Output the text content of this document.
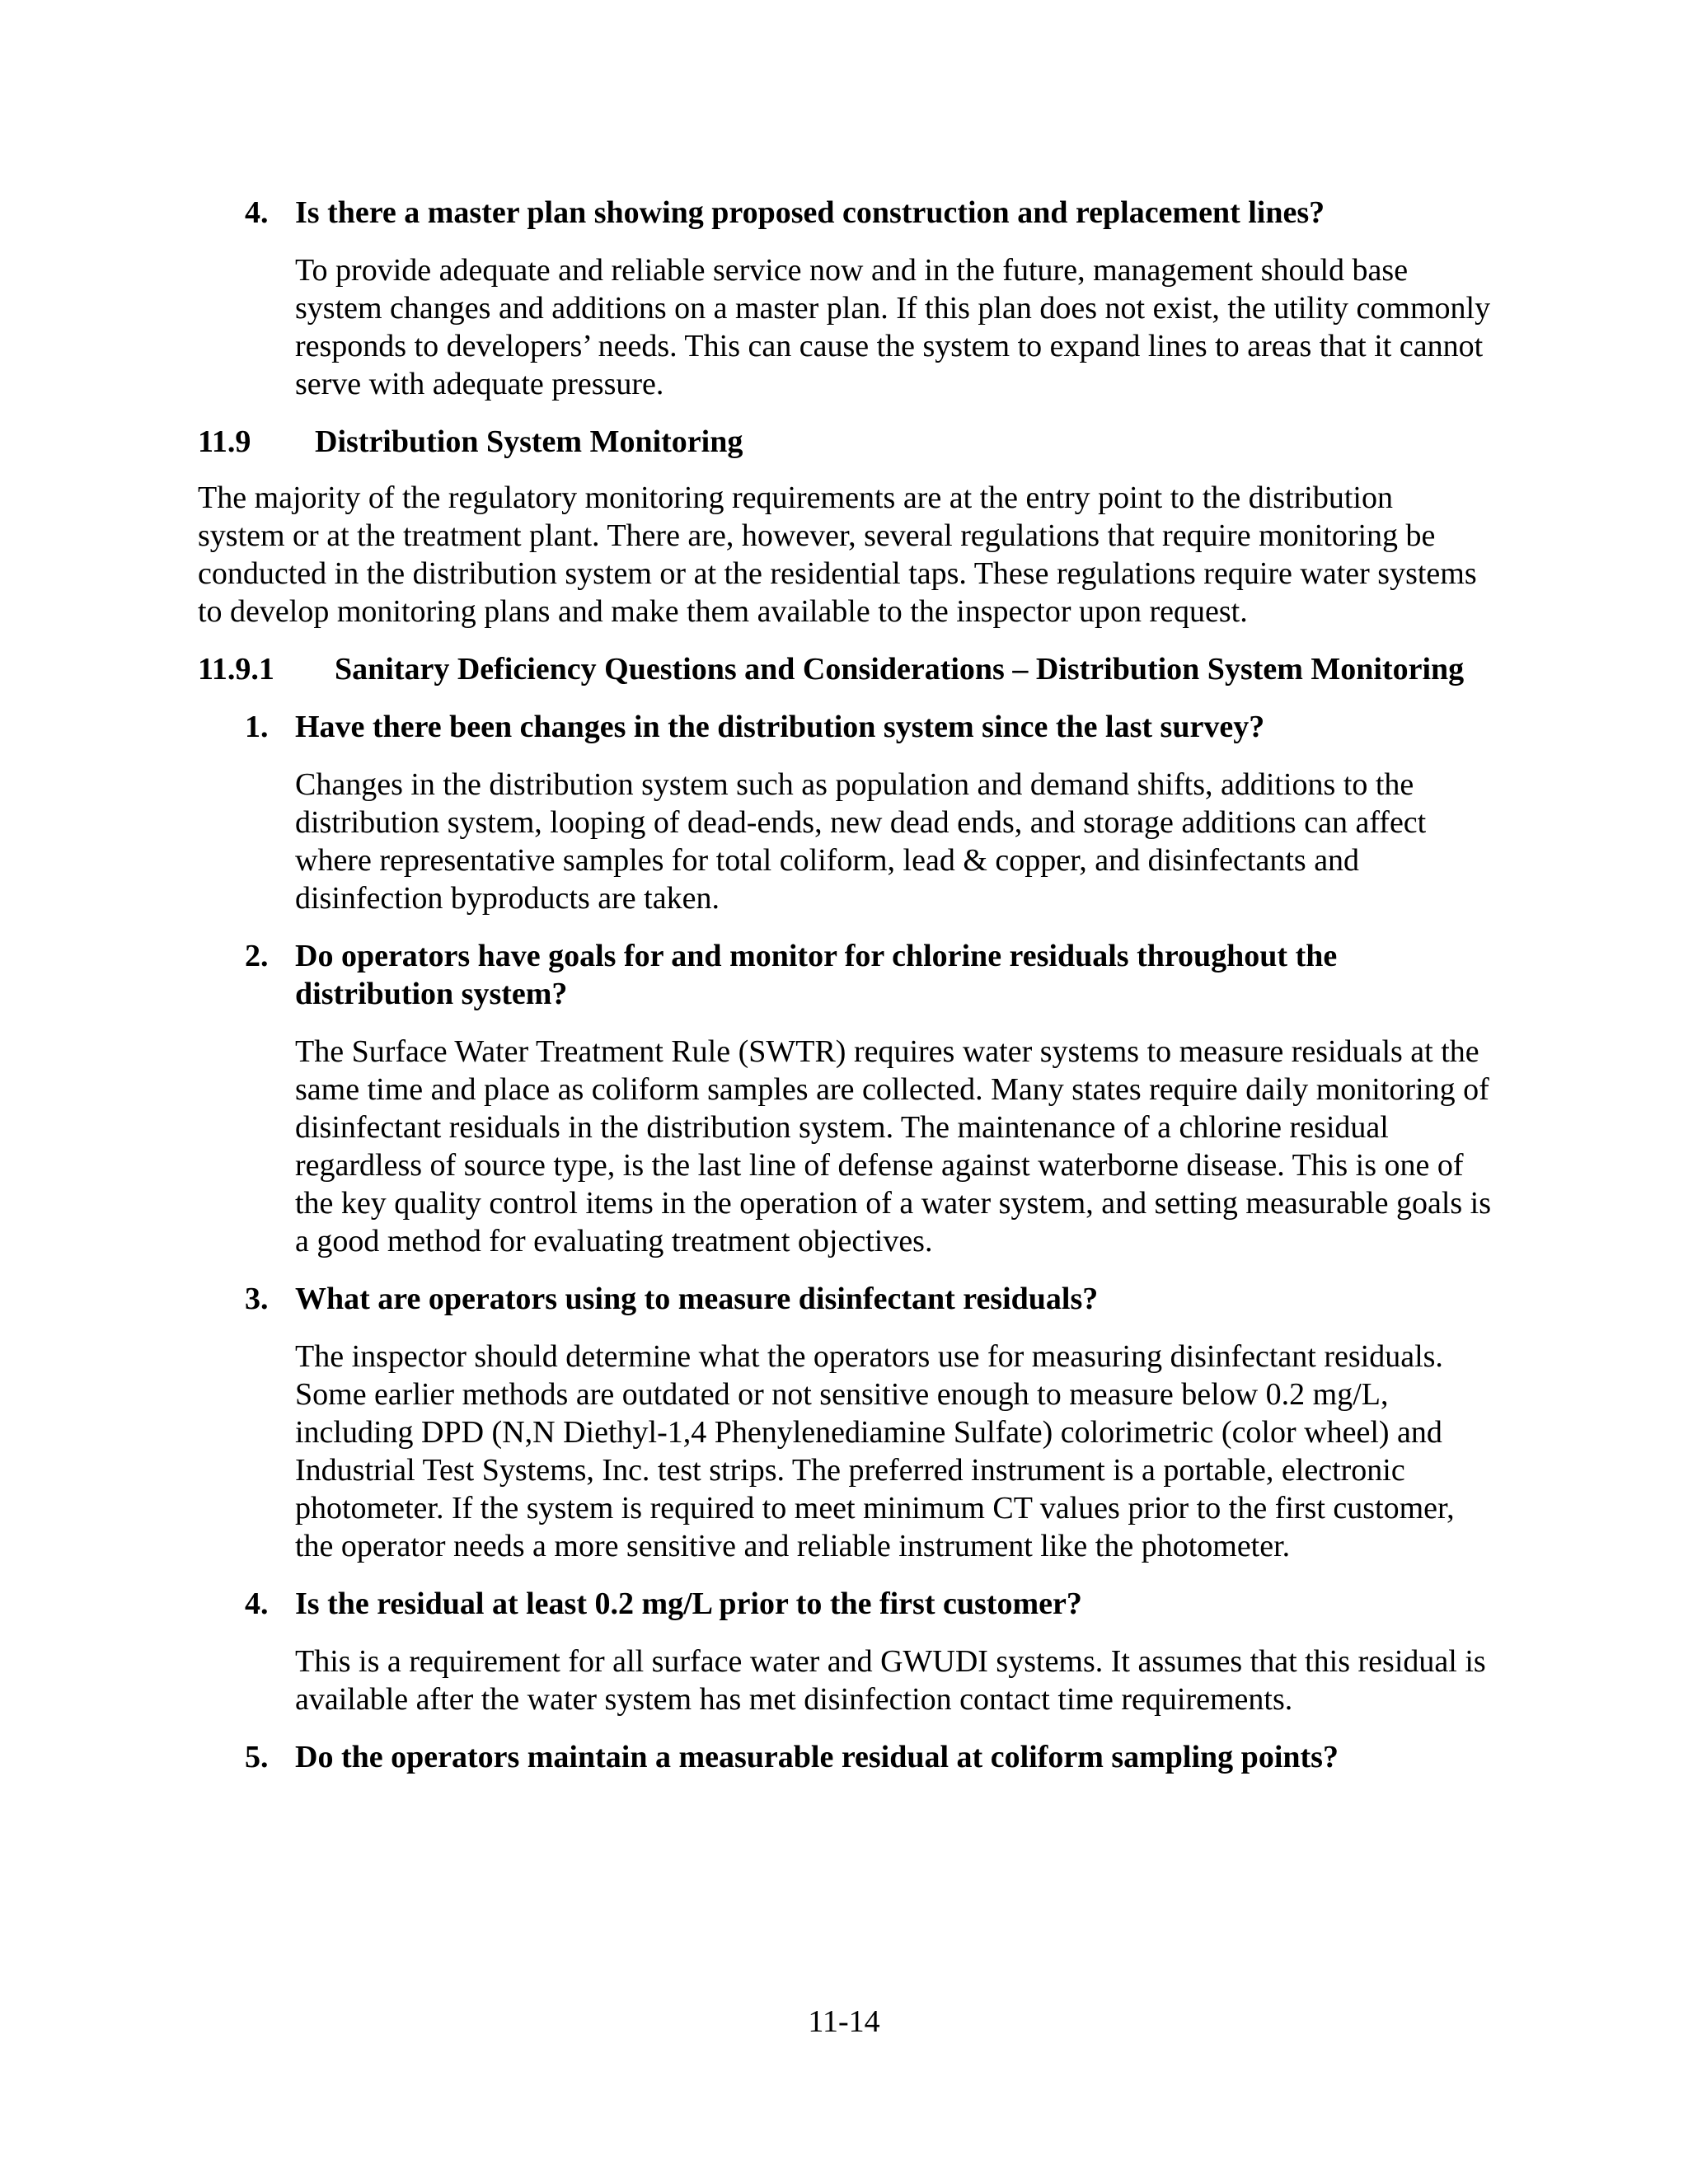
4. Is there a master plan showing proposed construction and replacement lines?
To provide adequate and reliable service now and in the future, management should base system changes and additions on a master plan. If this plan does not exist, the utility commonly responds to developers’ needs. This can cause the system to expand lines to areas that it cannot serve with adequate pressure.
11.9 Distribution System Monitoring
The majority of the regulatory monitoring requirements are at the entry point to the distribution system or at the treatment plant. There are, however, several regulations that require monitoring be conducted in the distribution system or at the residential taps. These regulations require water systems to develop monitoring plans and make them available to the inspector upon request.
11.9.1 Sanitary Deficiency Questions and Considerations – Distribution System Monitoring
1. Have there been changes in the distribution system since the last survey?
Changes in the distribution system such as population and demand shifts, additions to the distribution system, looping of dead-ends, new dead ends, and storage additions can affect where representative samples for total coliform, lead & copper, and disinfectants and disinfection byproducts are taken.
2. Do operators have goals for and monitor for chlorine residuals throughout the distribution system?
The Surface Water Treatment Rule (SWTR) requires water systems to measure residuals at the same time and place as coliform samples are collected. Many states require daily monitoring of disinfectant residuals in the distribution system. The maintenance of a chlorine residual regardless of source type, is the last line of defense against waterborne disease. This is one of the key quality control items in the operation of a water system, and setting measurable goals is a good method for evaluating treatment objectives.
3. What are operators using to measure disinfectant residuals?
The inspector should determine what the operators use for measuring disinfectant residuals. Some earlier methods are outdated or not sensitive enough to measure below 0.2 mg/L, including DPD (N,N Diethyl-1,4 Phenylenediamine Sulfate) colorimetric (color wheel) and Industrial Test Systems, Inc. test strips. The preferred instrument is a portable, electronic photometer. If the system is required to meet minimum CT values prior to the first customer, the operator needs a more sensitive and reliable instrument like the photometer.
4. Is the residual at least 0.2 mg/L prior to the first customer?
This is a requirement for all surface water and GWUDI systems. It assumes that this residual is available after the water system has met disinfection contact time requirements.
5. Do the operators maintain a measurable residual at coliform sampling points?
11-14
